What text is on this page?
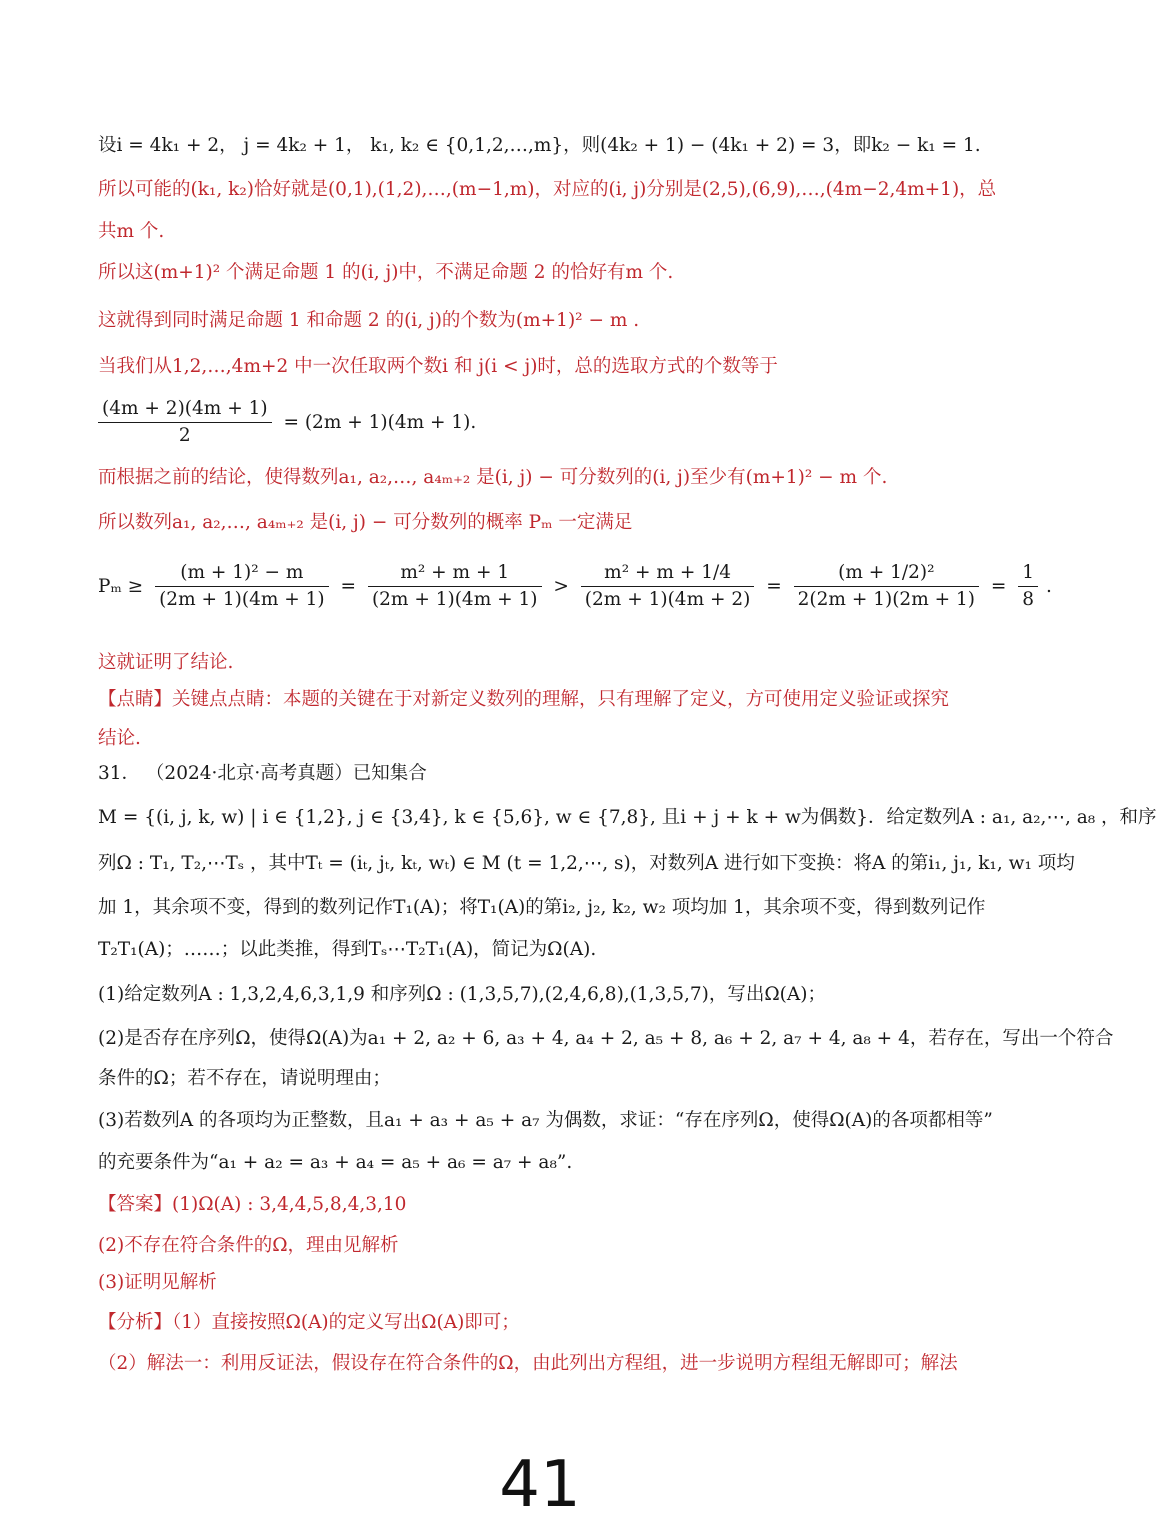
设i = 4k₁ + 2， j = 4k₂ + 1， k₁, k₂ ∈ {0,1,2,…,m}，则(4k₂ + 1) − (4k₁ + 2) = 3，即k₂ − k₁ = 1.
所以可能的(k₁, k₂)恰好就是(0,1),(1,2),…,(m−1,m)，对应的(i, j)分别是(2,5),(6,9),…,(4m−2,4m+1)，总
共m 个.
所以这(m+1)² 个满足命题 1 的(i, j)中，不满足命题 2 的恰好有m 个.
这就得到同时满足命题 1 和命题 2 的(i, j)的个数为(m+1)² − m .
当我们从1,2,…,4m+2 中一次任取两个数i 和 j(i < j)时，总的选取方式的个数等于
$\frac{(4m + 2)(4m + 1)}{2} = (2m + 1)(4m + 1)$.
而根据之前的结论，使得数列a₁, a₂,…, a₄ₘ₊₂ 是(i, j) − 可分数列的(i, j)至少有(m+1)² − m 个.
所以数列a₁, a₂,…, a₄ₘ₊₂ 是(i, j) − 可分数列的概率 Pₘ 一定满足
$P_m \ge \frac{\text{(m + 1)² − m}}{(2m + 1)(4m + 1)} = \frac{\text{m² + m + 1}}{(2m + 1)(4m + 1)} > \frac{\text{m² + m + 1/4}}{(2m + 1)(4m + 2)} = \frac{\text{(m + 1/2)²}}{2(2m + 1)(2m + 1)} = \frac{1}{8}$ .
这就证明了结论.
【点睛】关键点点睛：本题的关键在于对新定义数列的理解，只有理解了定义，方可使用定义验证或探究
结论.
31． （2024·北京·高考真题）已知集合
M = {(i, j, k, w) | i ∈ {1,2}, j ∈ {3,4}, k ∈ {5,6}, w ∈ {7,8}, 且i + j + k + w为偶数}．给定数列A : a₁, a₂,⋯, a₈ ，和序
列Ω : T₁, T₂,⋯Tₛ ，其中Tₜ = (iₜ, jₜ, kₜ, wₜ) ∈ M (t = 1,2,⋯, s)，对数列A 进行如下变换：将A 的第i₁, j₁, k₁, w₁ 项均
加 1，其余项不变，得到的数列记作T₁(A)；将T₁(A)的第i₂, j₂, k₂, w₂ 项均加 1，其余项不变，得到数列记作
T₂T₁(A)；……；以此类推，得到Tₛ⋯T₂T₁(A)，简记为Ω(A).
(1)给定数列A : 1,3,2,4,6,3,1,9 和序列Ω : (1,3,5,7),(2,4,6,8),(1,3,5,7)，写出Ω(A)；
(2)是否存在序列Ω，使得Ω(A)为a₁ + 2, a₂ + 6, a₃ + 4, a₄ + 2, a₅ + 8, a₆ + 2, a₇ + 4, a₈ + 4，若存在，写出一个符合
条件的Ω；若不存在，请说明理由；
(3)若数列A 的各项均为正整数，且a₁ + a₃ + a₅ + a₇ 为偶数，求证：“存在序列Ω，使得Ω(A)的各项都相等”
的充要条件为“a₁ + a₂ = a₃ + a₄ = a₅ + a₆ = a₇ + a₈”.
【答案】(1)Ω(A) : 3,4,4,5,8,4,3,10
(2)不存在符合条件的Ω，理由见解析
(3)证明见解析
【分析】（1）直接按照Ω(A)的定义写出Ω(A)即可；
（2）解法一：利用反证法，假设存在符合条件的Ω，由此列出方程组，进一步说明方程组无解即可；解法
41
